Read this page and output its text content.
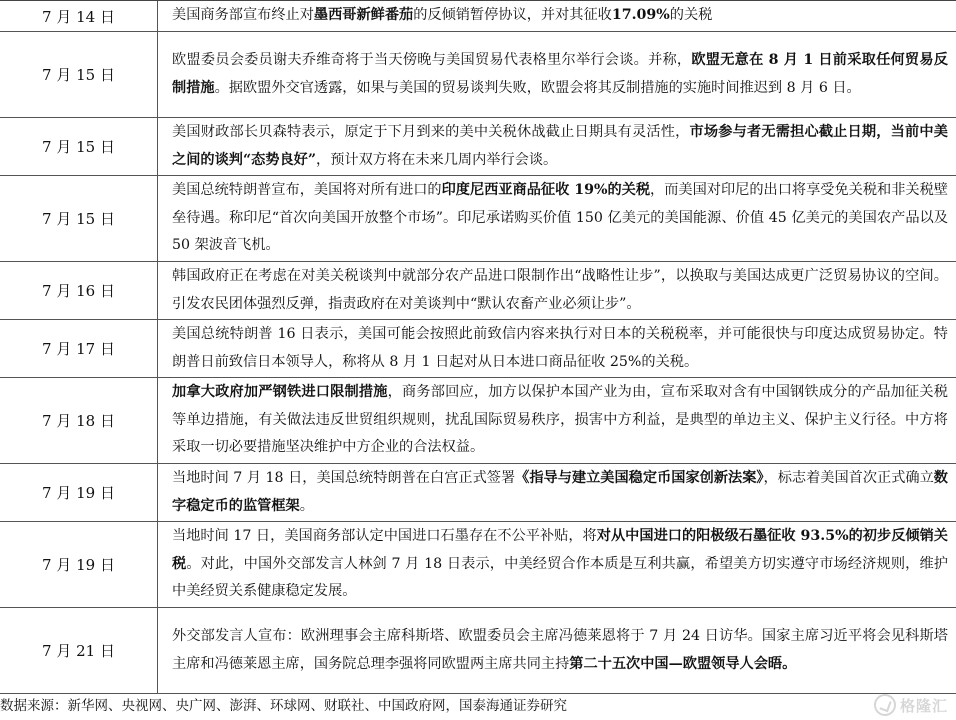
7 月 14 日	美国商务部宣布终止对墨西哥新鲜番茄的反倾销暂停协议，并对其征收17.09%的关税
7 月 15 日
欧盟委员会委员谢夫乔维奇将于当天傍晚与美国贸易代表格里尔举行会谈。并称，欧盟无意在 8 月 1 日前采取任何贸易反制措施。据欧盟外交官透露，如果与美国的贸易谈判失败，欧盟会将其反制措施的实施时间推迟到 8 月 6 日。
7 月 15 日
美国财政部长贝森特表示，原定于下月到来的美中关税休战截止日期具有灵活性，市场参与者无需担心截止日期，当前中美之间的谈判“态势良好”，预计双方将在未来几周内举行会谈。
7 月 15 日
美国总统特朗普宣布，美国将对所有进口的印度尼西亚商品征收 19%的关税，而美国对印尼的出口将享受免关税和非关税壁垒待遇。称印尼“首次向美国开放整个市场”。印尼承诺购买价值 150 亿美元的美国能源、价值 45 亿美元的美国农产品以及 50 架波音飞机。
7 月 16 日
韩国政府正在考虑在对美关税谈判中就部分农产品进口限制作出“战略性让步”，以换取与美国达成更广泛贸易协议的空间。引发农民团体强烈反弹，指责政府在对美谈判中“默认农畜产业必须让步”。
7 月 17 日
美国总统特朗普 16 日表示，美国可能会按照此前致信内容来执行对日本的关税税率，并可能很快与印度达成贸易协定。特朗普日前致信日本领导人，称将从 8 月 1 日起对从日本进口商品征收 25%的关税。
7 月 18 日
加拿大政府加严钢铁进口限制措施，商务部回应，加方以保护本国产业为由，宣布采取对含有中国钢铁成分的产品加征关税等单边措施，有关做法违反世贸组织规则，扰乱国际贸易秩序，损害中方利益，是典型的单边主义、保护主义行径。中方将采取一切必要措施坚决维护中方企业的合法权益。
7 月 19 日
当地时间 7 月 18 日，美国总统特朗普在白宫正式签署《指导与建立美国稳定币国家创新法案》，标志着美国首次正式确立数字稳定币的监管框架。
7 月 19 日
当地时间 17 日，美国商务部认定中国进口石墨存在不公平补贴，将对从中国进口的阳极级石墨征收 93.5%的初步反倾销关税。对此，中国外交部发言人林剑 7 月 18 日表示，中美经贸合作本质是互利共赢，希望美方切实遵守市场经济规则，维护中美经贸关系健康稳定发展。
7 月 21 日
外交部发言人宣布：欧洲理事会主席科斯塔、欧盟委员会主席冯德莱恩将于 7 月 24 日访华。国家主席习近平将会见科斯塔主席和冯德莱恩主席，国务院总理李强将同欧盟两主席共同主持第二十五次中国—欧盟领导人会晤。
数据来源：新华网、央视网、央广网、澎湃、环球网、财联社、中国政府网，国泰海通证券研究	格隆汇
